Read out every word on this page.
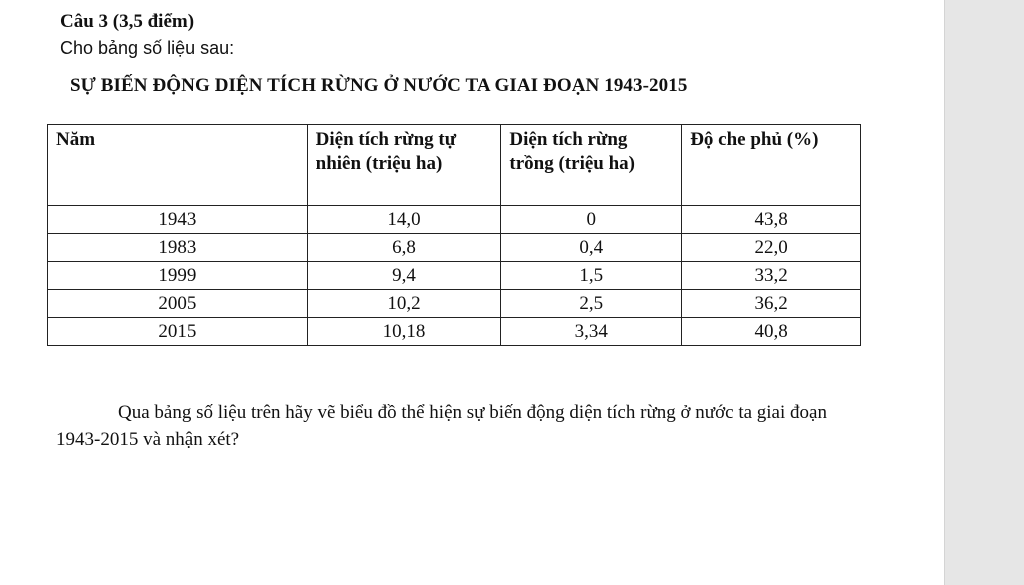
Câu 3 (3,5 điểm)
Cho bảng số liệu sau:
SỰ BIẾN ĐỘNG DIỆN TÍCH RỪNG Ở NƯỚC TA GIAI ĐOẠN 1943-2015
Năm	Diện tích rừng tự nhiên (triệu ha)	Diện tích rừng trồng (triệu ha)	Độ che phủ (%)
1943	14,0	0	43,8
1983	6,8	0,4	22,0
1999	9,4	1,5	33,2
2005	10,2	2,5	36,2
2015	10,18	3,34	40,8

Qua bảng số liệu trên hãy vẽ biểu đồ thể hiện sự biến động diện tích rừng ở nước ta giai đoạn 1943-2015 và nhận xét?
